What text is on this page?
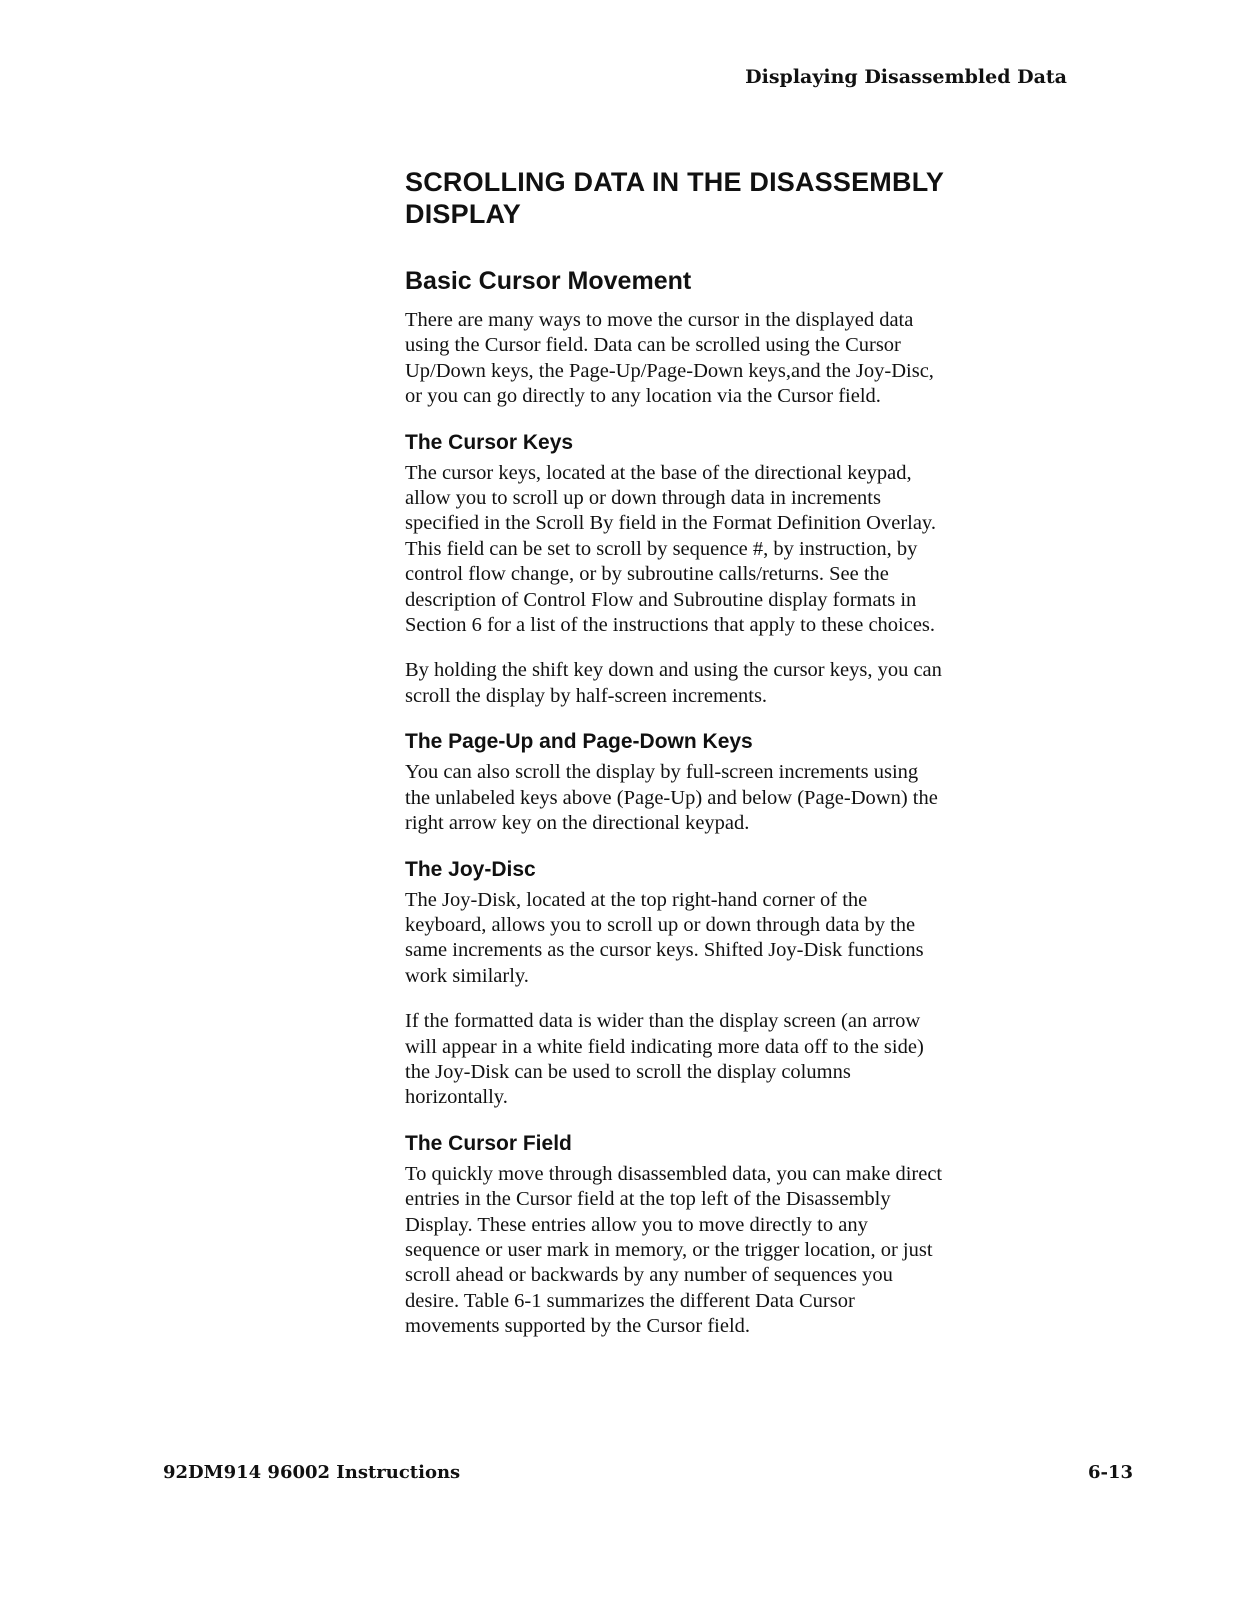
Displaying Disassembled Data
SCROLLING DATA IN THE DISASSEMBLY
DISPLAY
Basic Cursor Movement

There are many ways to move the cursor in the displayed data
using the Cursor field. Data can be scrolled using the Cursor
Up/Down keys, the Page-Up/Page-Down keys,and the Joy-Disc,
or you can go directly to any location via the Cursor field.

The Cursor Keys

The cursor keys, located at the base of the directional keypad,
allow you to scroll up or down through data in increments
specified in the Scroll By field in the Format Definition Overlay.
This field can be set to scroll by sequence #, by instruction, by
control flow change, or by subroutine calls/returns. See the
description of Control Flow and Subroutine display formats in
Section 6 for a list of the instructions that apply to these choices.

By holding the shift key down and using the cursor keys, you can
scroll the display by half-screen increments.

The Page-Up and Page-Down Keys

You can also scroll the display by full-screen increments using
the unlabeled keys above (Page-Up) and below (Page-Down) the
right arrow key on the directional keypad.

The Joy-Disc

The Joy-Disk, located at the top right-hand corner of the
keyboard, allows you to scroll up or down through data by the
same increments as the cursor keys. Shifted Joy-Disk functions
work similarly.

If the formatted data is wider than the display screen (an arrow
will appear in a white field indicating more data off to the side)
the Joy-Disk can be used to scroll the display columns
horizontally.

The Cursor Field

To quickly move through disassembled data, you can make direct
entries in the Cursor field at the top left of the Disassembly
Display. These entries allow you to move directly to any
sequence or user mark in memory, or the trigger location, or just
scroll ahead or backwards by any number of sequences you
desire. Table 6-1 summarizes the different Data Cursor
movements supported by the Cursor field.

92DM914 96002 Instructions	6-13
